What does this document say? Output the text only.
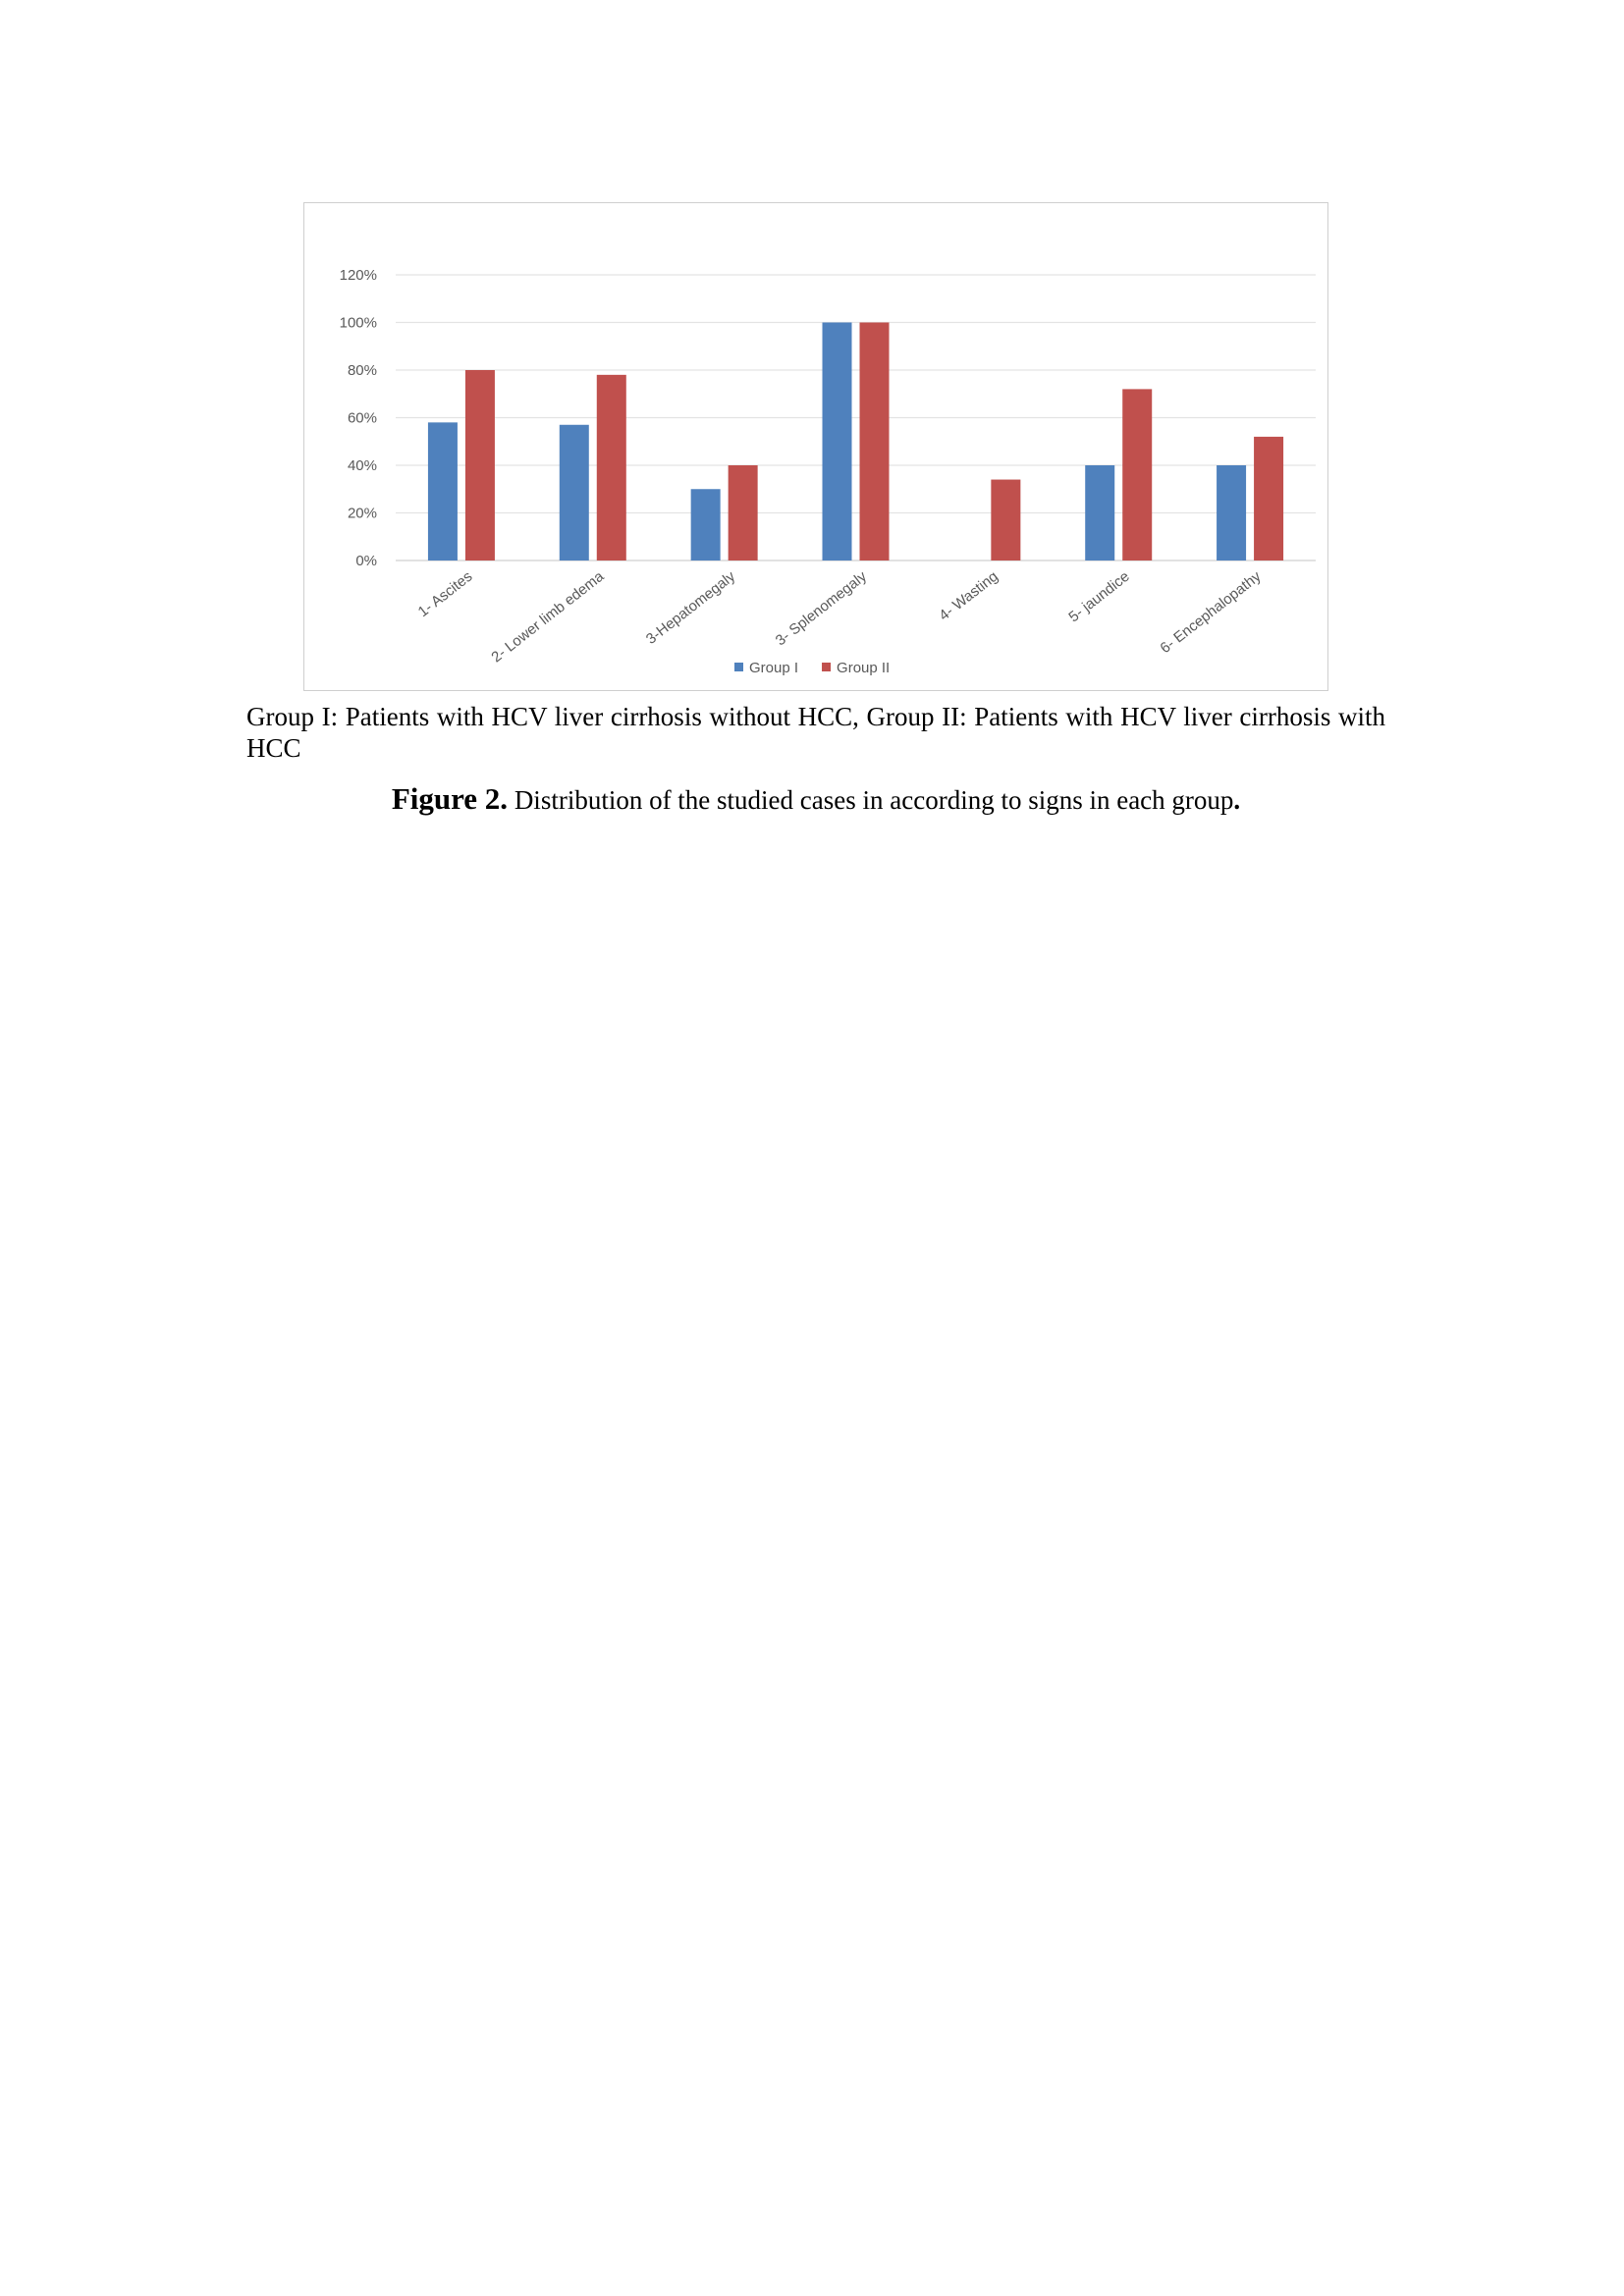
0%
20%
40%
60%
80%
100%
120%
1- Ascites 2- Lower limb edema 3-Hepatomegaly 3- Splenomegaly	4- Wasting	5- jaundice 6- Encephalopathy
Group I	Group II
Group I: Patients with HCV liver cirrhosis without HCC, Group II: Patients with HCV liver cirrhosis with HCC
Figure 2. Distribution of the studied cases in according to signs in each group.
